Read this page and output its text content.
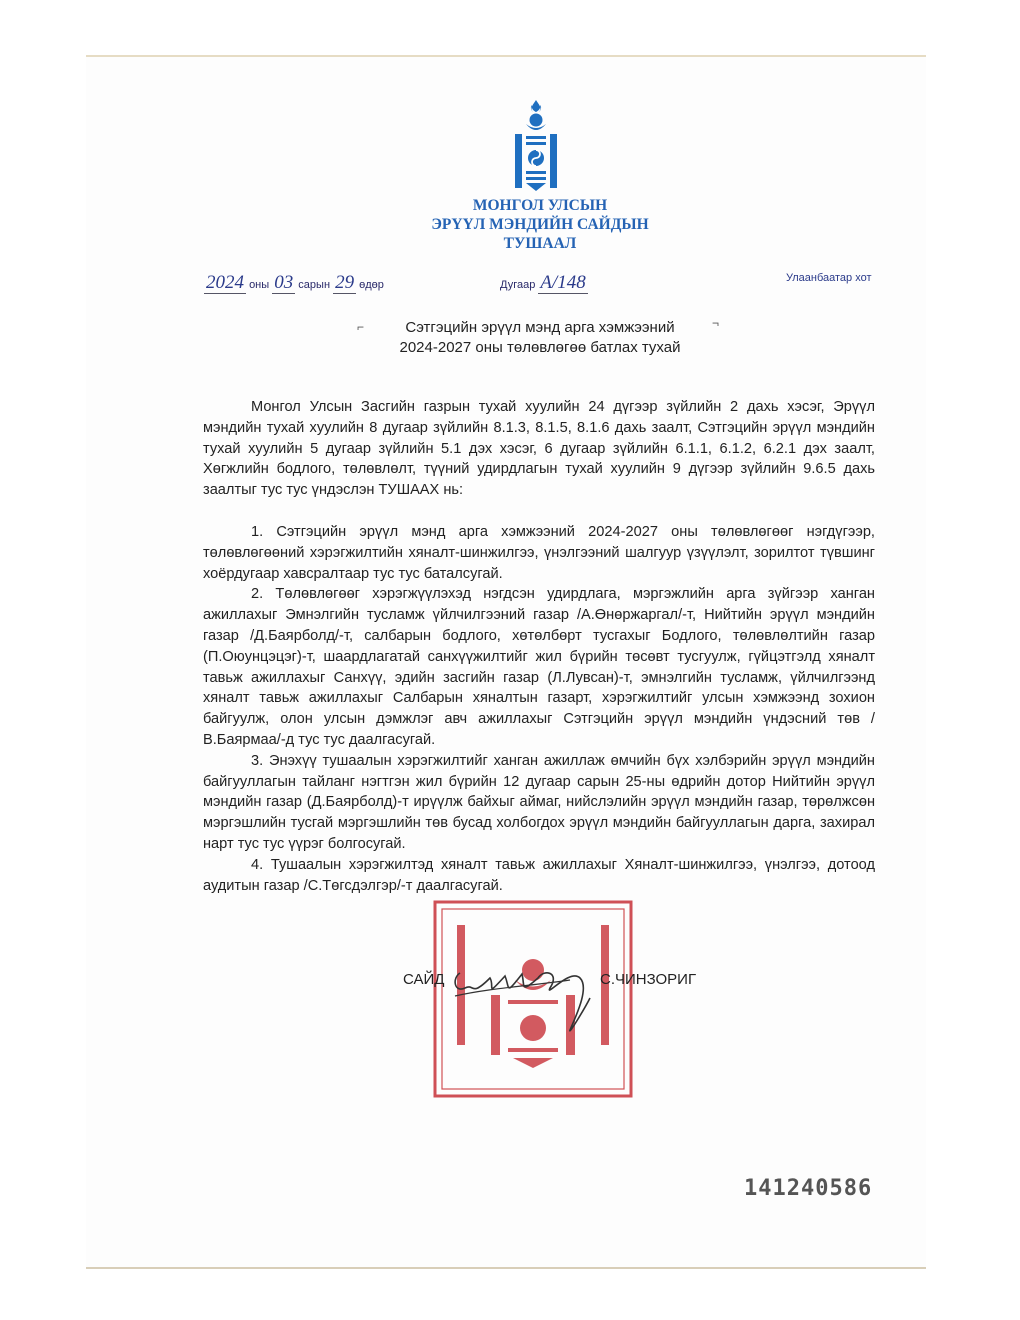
МОНГОЛ УЛСЫН
ЭРҮҮЛ МЭНДИЙН САЙДЫН
ТУШААЛ
2024 оны 03 сарын 29 өдөр	Дугаар А/148	Улаанбаатар хот
⌐	¬
Сэтгэцийн эрүүл мэнд арга хэмжээний
2024-2027 оны төлөвлөгөө батлах тухай

Монгол Улсын Засгийн газрын тухай хуулийн 24 дүгээр зүйлийн 2 дахь хэсэг, Эрүүл мэндийн тухай хуулийн 8 дугаар зүйлийн 8.1.3, 8.1.5, 8.1.6 дахь заалт, Сэтгэцийн эрүүл мэндийн тухай хуулийн 5 дугаар зүйлийн 5.1 дэх хэсэг, 6 дугаар зүйлийн 6.1.1, 6.1.2, 6.2.1 дэх заалт, Хөгжлийн бодлого, төлөвлөлт, түүний удирдлагын тухай хуулийн 9 дүгээр зүйлийн 9.6.5 дахь заалтыг тус тус үндэслэн ТУШААХ нь:

1. Сэтгэцийн эрүүл мэнд арга хэмжээний 2024-2027 оны төлөвлөгөөг нэгдүгээр, төлөвлөгөөний хэрэгжилтийн хяналт-шинжилгээ, үнэлгээний шалгуур үзүүлэлт, зорилтот түвшинг хоёрдугаар хавсралтаар тус тус баталсугай.

2. Төлөвлөгөөг хэрэгжүүлэхэд нэгдсэн удирдлага, мэргэжлийн арга зүйгээр ханган ажиллахыг Эмнэлгийн тусламж үйлчилгээний газар /А.Өнөржаргал/-т, Нийтийн эрүүл мэндийн газар /Д.Баярболд/-т, салбарын бодлого, хөтөлбөрт тусгахыг Бодлого, төлөвлөлтийн газар (П.Оюунцэцэг)-т, шаардлагатай санхүүжилтийг жил бүрийн төсөвт тусгуулж, гүйцэтгэлд хяналт тавьж ажиллахыг Санхүү, эдийн засгийн газар (Л.Лувсан)-т, эмнэлгийн тусламж, үйлчилгээнд хяналт тавьж ажиллахыг Салбарын хяналтын газарт, хэрэгжилтийг улсын хэмжээнд зохион байгуулж, олон улсын дэмжлэг авч ажиллахыг Сэтгэцийн эрүүл мэндийн үндэсний төв /В.Баярмаа/-д тус тус даалгасугай.

3. Энэхүү тушаалын хэрэгжилтийг ханган ажиллаж өмчийн бүх хэлбэрийн эрүүл мэндийн байгууллагын тайланг нэгтгэн жил бүрийн 12 дугаар сарын 25-ны өдрийн дотор Нийтийн эрүүл мэндийн газар (Д.Баярболд)-т ирүүлж байхыг аймаг, нийслэлийн эрүүл мэндийн газар, төрөлжсөн мэргэшлийн тусгай мэргэшлийн төв бусад холбогдох эрүүл мэндийн байгууллагын дарга, захирал нарт тус тус үүрэг болгосугай.

4. Тушаалын хэрэгжилтэд хяналт тавьж ажиллахыг Хяналт-шинжилгээ, үнэлгээ, дотоод аудитын газар /С.Төгсдэлгэр/-т даалгасугай.

САЙД	С.ЧИНЗОРИГ
141240586
